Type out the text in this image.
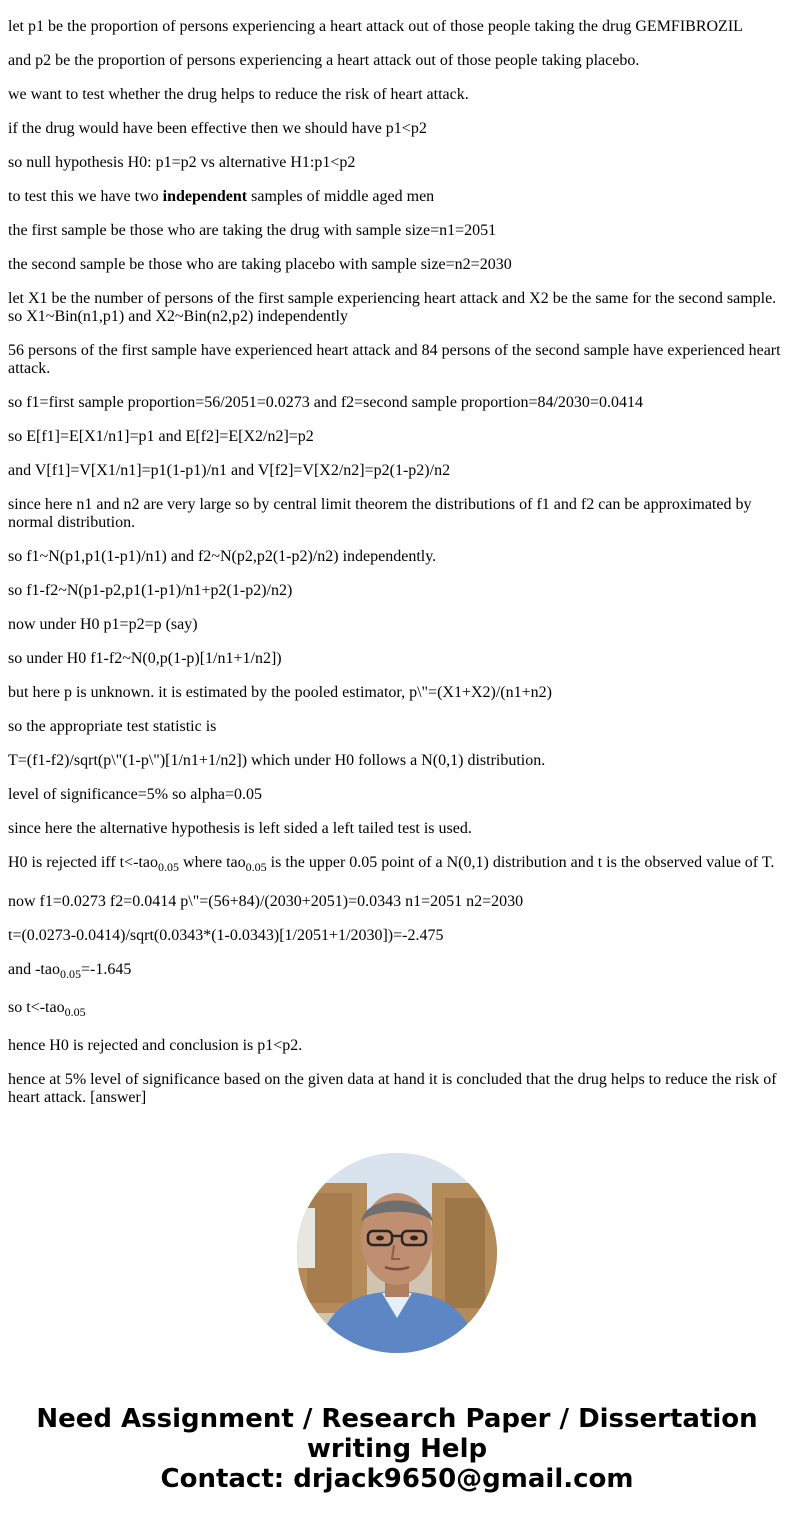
let p1 be the proportion of persons experiencing a heart attack out of those people taking the drug GEMFIBROZIL

and p2 be the proportion of persons experiencing a heart attack out of those people taking placebo.

we want to test whether the drug helps to reduce the risk of heart attack.

if the drug would have been effective then we should have p1<p2

so null hypothesis H0: p1=p2 vs alternative H1:p1<p2

to test this we have two independent samples of middle aged men

the first sample be those who are taking the drug with sample size=n1=2051

the second sample be those who are taking placebo with sample size=n2=2030

let X1 be the number of persons of the first sample experiencing heart attack and X2 be the same for the second sample. so X1~Bin(n1,p1) and X2~Bin(n2,p2) independently

56 persons of the first sample have experienced heart attack and 84 persons of the second sample have experienced heart attack.

so f1=first sample proportion=56/2051=0.0273 and f2=second sample proportion=84/2030=0.0414

so E[f1]=E[X1/n1]=p1 and E[f2]=E[X2/n2]=p2

and V[f1]=V[X1/n1]=p1(1-p1)/n1 and V[f2]=V[X2/n2]=p2(1-p2)/n2

since here n1 and n2 are very large so by central limit theorem the distributions of f1 and f2 can be approximated by normal distribution.

so f1~N(p1,p1(1-p1)/n1) and f2~N(p2,p2(1-p2)/n2) independently.

so f1-f2~N(p1-p2,p1(1-p1)/n1+p2(1-p2)/n2)

now under H0 p1=p2=p (say)

so under H0 f1-f2~N(0,p(1-p)[1/n1+1/n2])

but here p is unknown. it is estimated by the pooled estimator, p\"=(X1+X2)/(n1+n2)

so the appropriate test statistic is

T=(f1-f2)/sqrt(p\"(1-p\")[1/n1+1/n2]) which under H0 follows a N(0,1) distribution.

level of significance=5% so alpha=0.05

since here the alternative hypothesis is left sided a left tailed test is used.

H0 is rejected iff t<-tao$_{0.05}$ where tao$_{0.05}$ is the upper 0.05 point of a N(0,1) distribution and t is the observed value of T.

now f1=0.0273 f2=0.0414 p\"=(56+84)/(2030+2051)=0.0343 n1=2051 n2=2030

t=(0.0273-0.0414)/sqrt(0.0343*(1-0.0343)[1/2051+1/2030])=-2.475

and -tao$_{0.05}$=-1.645

so t<-tao$_{0.05}$

hence H0 is rejected and conclusion is p1<p2.

hence at 5% level of significance based on the given data at hand it is concluded that the drug helps to reduce the risk of heart attack. [answer]

Need Assignment / Research Paper / Dissertation
writing Help
Contact: drjack9650@gmail.com
